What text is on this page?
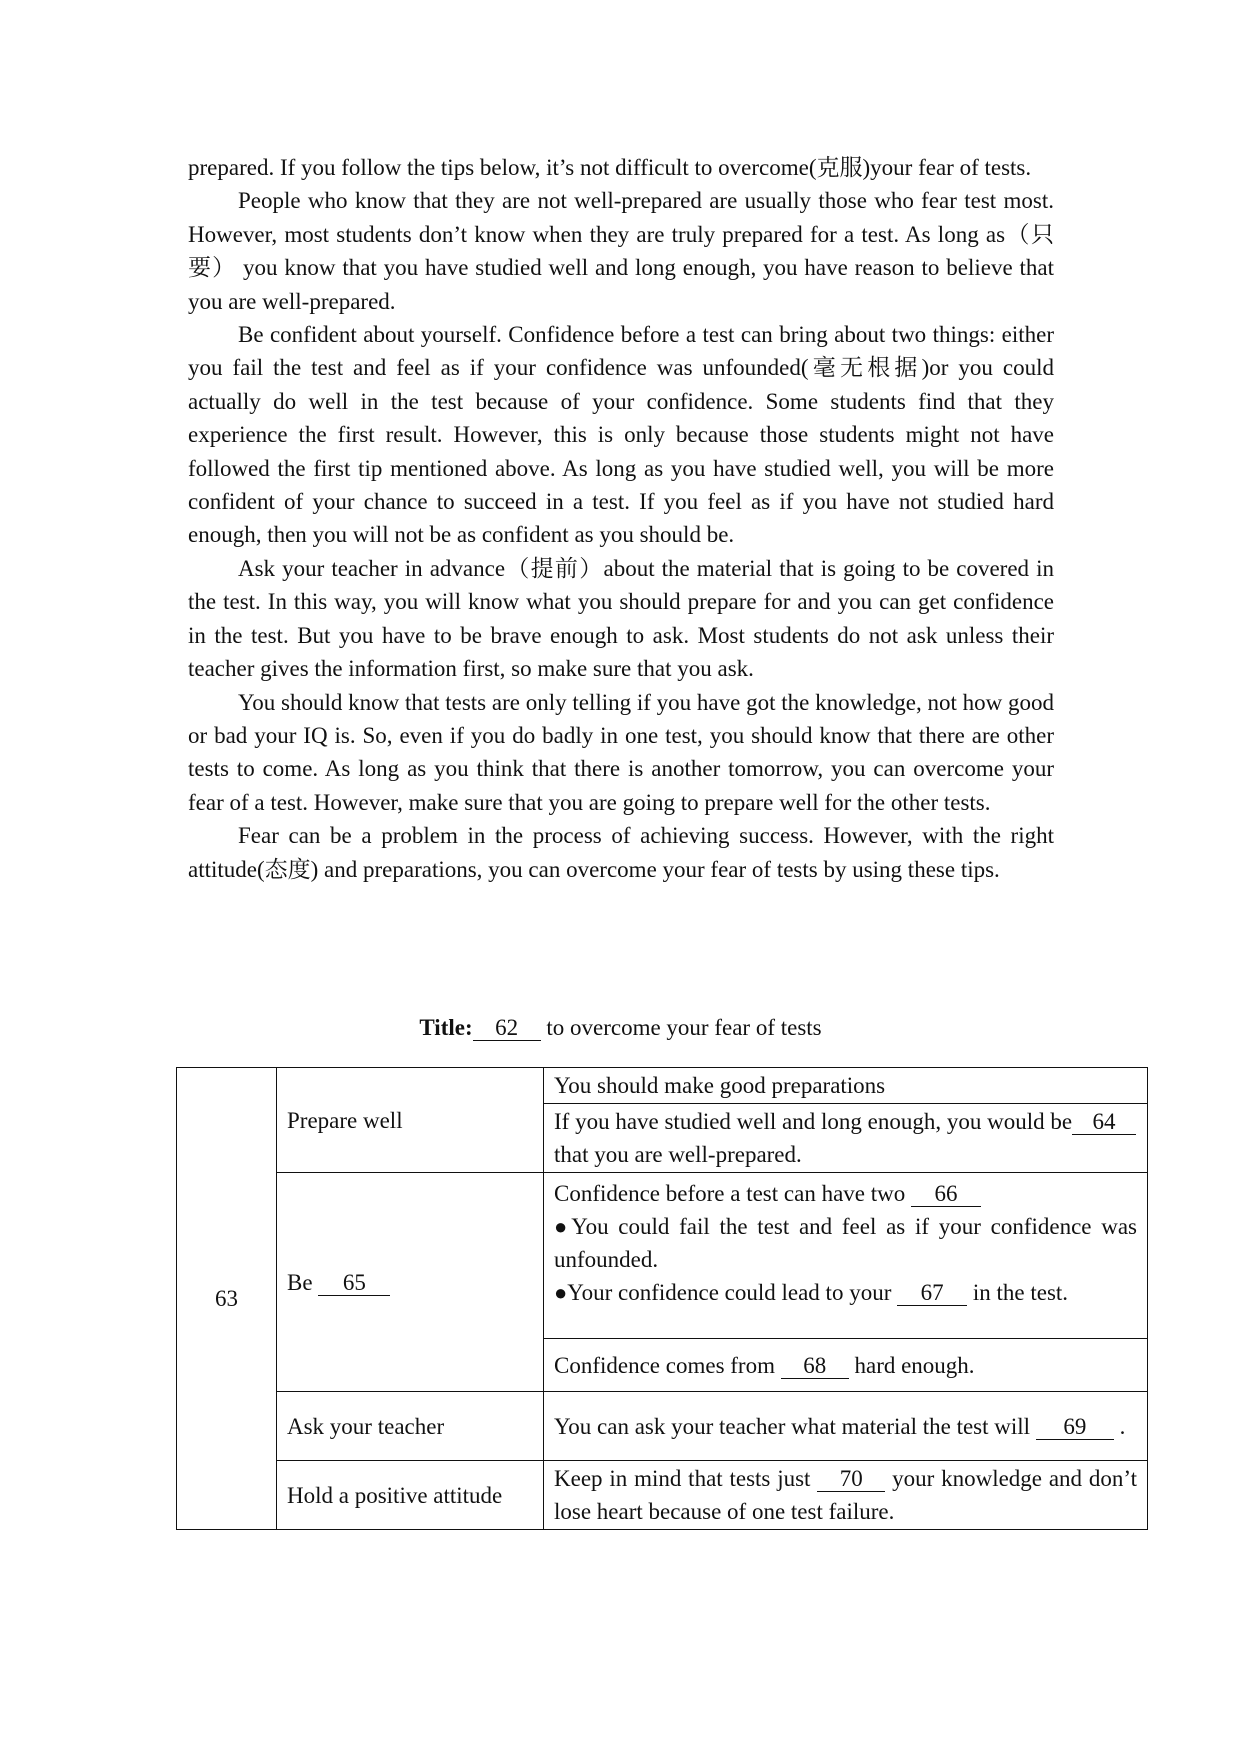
prepared. If you follow the tips below, it’s not difficult to overcome(克服)your fear of tests.

People who know that they are not well-prepared are usually those who fear test most. However, most students don’t know when they are truly prepared for a test. As long as（只要） you know that you have studied well and long enough, you have reason to believe that you are well-prepared.

Be confident about yourself. Confidence before a test can bring about two things: either you fail the test and feel as if your confidence was unfounded(毫无根据)or you could actually do well in the test because of your confidence. Some students find that they experience the first result. However, this is only because those students might not have followed the first tip mentioned above. As long as you have studied well, you will be more confident of your chance to succeed in a test. If you feel as if you have not studied hard enough, then you will not be as confident as you should be.

Ask your teacher in advance（提前）about the material that is going to be covered in the test. In this way, you will know what you should prepare for and you can get confidence in the test. But you have to be brave enough to ask. Most students do not ask unless their teacher gives the information first, so make sure that you ask.

You should know that tests are only telling if you have got the knowledge, not how good or bad your IQ is. So, even if you do badly in one test, you should know that there are other tests to come. As long as you think that there is another tomorrow, you can overcome your fear of a test. However, make sure that you are going to prepare well for the other tests.

Fear can be a problem in the process of achieving success. However, with the right attitude(态度) and preparations, you can overcome your fear of tests by using these tips.

Title: 62 to overcome your fear of tests
63	Prepare well	You should make good preparations
		If you have studied well and long enough, you would be 64 that you are well-prepared.
	Be 65	Confidence before a test can have two 66
●You could fail the test and feel as if your confidence was unfounded.
●Your confidence could lead to your 67 in the test.

		Confidence comes from 68 hard enough.
	Ask your teacher	You can ask your teacher what material the test will 69 .
	Hold a positive attitude	Keep in mind that tests just 70 your knowledge and don’t lose heart because of one test failure.
